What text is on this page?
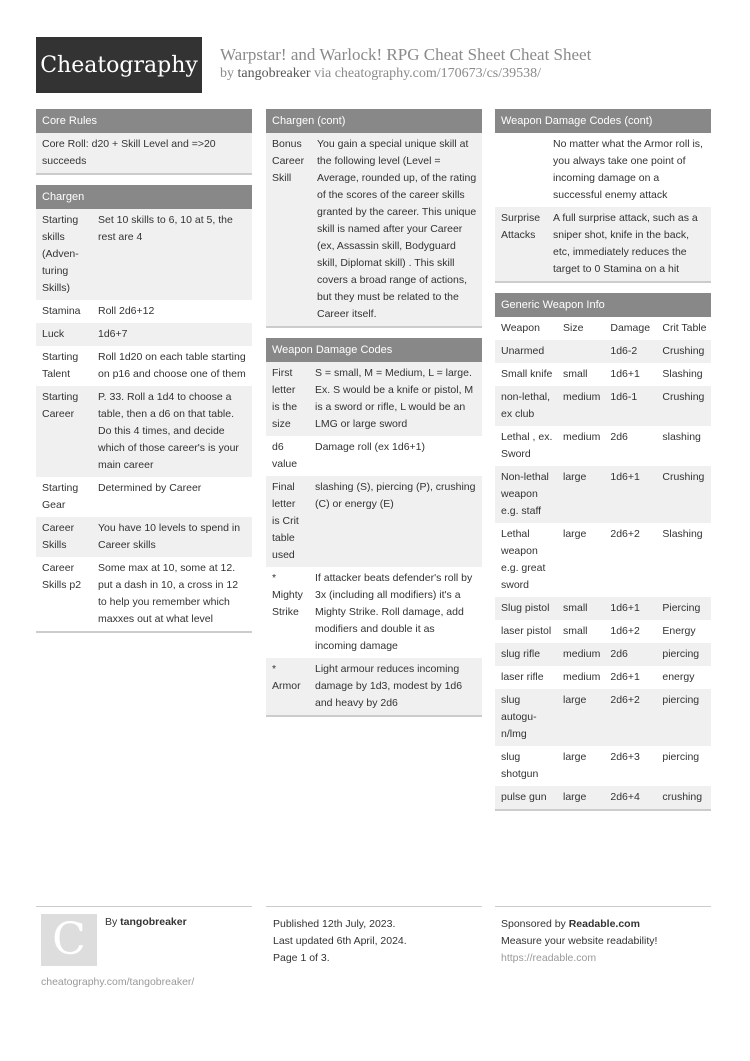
Cheatography Warpstar! and Warlock! RPG Cheat Sheet Cheat Sheet
by tangobreaker via cheatography.com/170673/cs/39538/
Core Rules
Core Roll: d20 + Skill Level and =>20 succeeds
Chargen
Starting skills (Adventuring Skills)	Set 10 skills to 6, 10 at 5, the rest are 4
Stamina	Roll 2d6+12
Luck	1d6+7
Starting Talent	Roll 1d20 on each table starting on p16 and choose one of them
Starting Career	P. 33. Roll a 1d4 to choose a table, then a d6 on that table. Do this 4 times, and decide which of those career's is your main career
Starting Gear	Determined by Career
Career Skills	You have 10 levels to spend in Career skills
Career Skills p2	Some max at 10, some at 12. put a dash in 10, a cross in 12 to help you remember which maxxes out at what level
Chargen (cont)
Bonus Career Skill	You gain a special unique skill at the following level (Level = Average, rounded up, of the rating of the scores of the career skills granted by the career. This unique skill is named after your Career (ex, Assassin skill, Bodyguard skill, Diplomat skill) . This skill covers a broad range of actions, but they must be related to the Career itself.
Weapon Damage Codes
First letter is the size	S = small, M = Medium, L = large. Ex. S would be a knife or pistol, M is a sword or rifle, L would be an LMG or large sword
d6 value	Damage roll (ex 1d6+1)
Final letter is Crit table used	slashing (S), piercing (P), crushing (C) or energy (E)
* Mighty Strike	If attacker beats defender's roll by 3x (including all modifiers) it's a Mighty Strike. Roll damage, add modifiers and double it as incoming damage
* Armor	Light armour reduces incoming damage by 1d3, modest by 1d6 and heavy by 2d6
Weapon Damage Codes (cont)
	No matter what the Armor roll is, you always take one point of incoming damage on a successful enemy attack
Surprise Attacks	A full surprise attack, such as a sniper shot, knife in the back, etc, immediately reduces the target to 0 Stamina on a hit
Generic Weapon Info
Weapon	Size	Damage	Crit Table
Unarmed		1d6-2	Crushing
Small knife	small	1d6+1	Slashing
non-lethal, ex club	medium	1d6-1	Crushing
Lethal , ex. Sword	medium	2d6	slashing
Non-lethal weapon e.g. staff	large	1d6+1	Crushing
Lethal weapon e.g. great sword	large	2d6+2	Slashing
Slug pistol	small	1d6+1	Piercing
laser pistol	small	1d6+2	Energy
slug rifle	medium	2d6	piercing
laser rifle	medium	2d6+1	energy
slug autogun/lmg	large	2d6+2	piercing
slug shotgun	large	2d6+3	piercing
pulse gun	large	2d6+4	crushing
C	By tangobreaker
cheatography.com/tangobreaker/
Published 12th July, 2023.
Last updated 6th April, 2024.
Page 1 of 3.
Sponsored by Readable.com
Measure your website readability!
https://readable.com
